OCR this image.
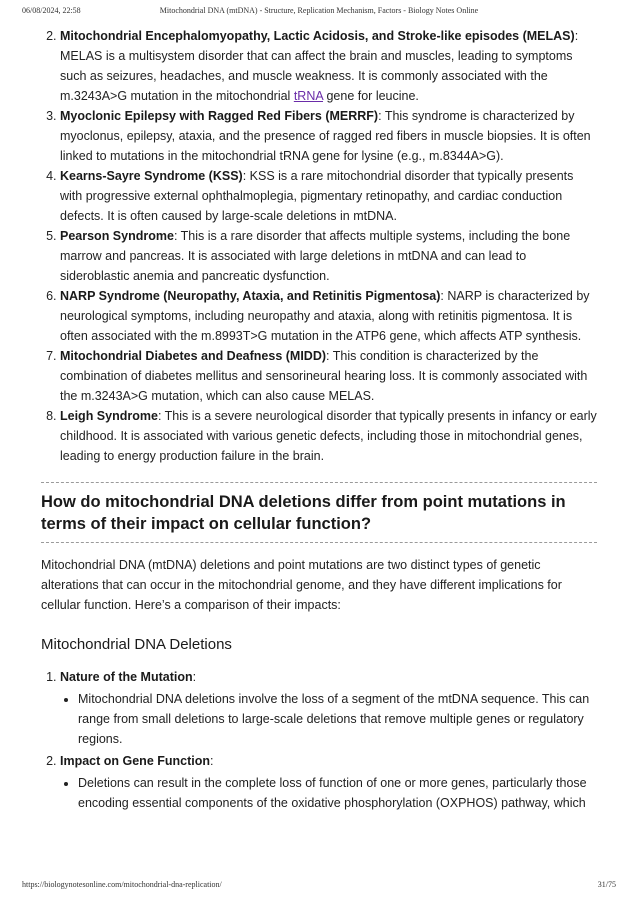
06/08/2024, 22:58	Mitochondrial DNA (mtDNA) - Structure, Replication Mechanism, Factors - Biology Notes Online
2. Mitochondrial Encephalomyopathy, Lactic Acidosis, and Stroke-like episodes (MELAS): MELAS is a multisystem disorder that can affect the brain and muscles, leading to symptoms such as seizures, headaches, and muscle weakness. It is commonly associated with the m.3243A>G mutation in the mitochondrial tRNA gene for leucine.
3. Myoclonic Epilepsy with Ragged Red Fibers (MERRF): This syndrome is characterized by myoclonus, epilepsy, ataxia, and the presence of ragged red fibers in muscle biopsies. It is often linked to mutations in the mitochondrial tRNA gene for lysine (e.g., m.8344A>G).
4. Kearns-Sayre Syndrome (KSS): KSS is a rare mitochondrial disorder that typically presents with progressive external ophthalmoplegia, pigmentary retinopathy, and cardiac conduction defects. It is often caused by large-scale deletions in mtDNA.
5. Pearson Syndrome: This is a rare disorder that affects multiple systems, including the bone marrow and pancreas. It is associated with large deletions in mtDNA and can lead to sideroblastic anemia and pancreatic dysfunction.
6. NARP Syndrome (Neuropathy, Ataxia, and Retinitis Pigmentosa): NARP is characterized by neurological symptoms, including neuropathy and ataxia, along with retinitis pigmentosa. It is often associated with the m.8993T>G mutation in the ATP6 gene, which affects ATP synthesis.
7. Mitochondrial Diabetes and Deafness (MIDD): This condition is characterized by the combination of diabetes mellitus and sensorineural hearing loss. It is commonly associated with the m.3243A>G mutation, which can also cause MELAS.
8. Leigh Syndrome: This is a severe neurological disorder that typically presents in infancy or early childhood. It is associated with various genetic defects, including those in mitochondrial genes, leading to energy production failure in the brain.
How do mitochondrial DNA deletions differ from point mutations in terms of their impact on cellular function?

Mitochondrial DNA (mtDNA) deletions and point mutations are two distinct types of genetic alterations that can occur in the mitochondrial genome, and they have different implications for cellular function. Here’s a comparison of their impacts:

Mitochondrial DNA Deletions
1. Nature of the Mutation:
• Mitochondrial DNA deletions involve the loss of a segment of the mtDNA sequence. This can range from small deletions to large-scale deletions that remove multiple genes or regulatory regions.
2. Impact on Gene Function:
• Deletions can result in the complete loss of function of one or more genes, particularly those encoding essential components of the oxidative phosphorylation (OXPHOS) pathway, which
https://biologynotesonline.com/mitochondrial-dna-replication/	31/75
